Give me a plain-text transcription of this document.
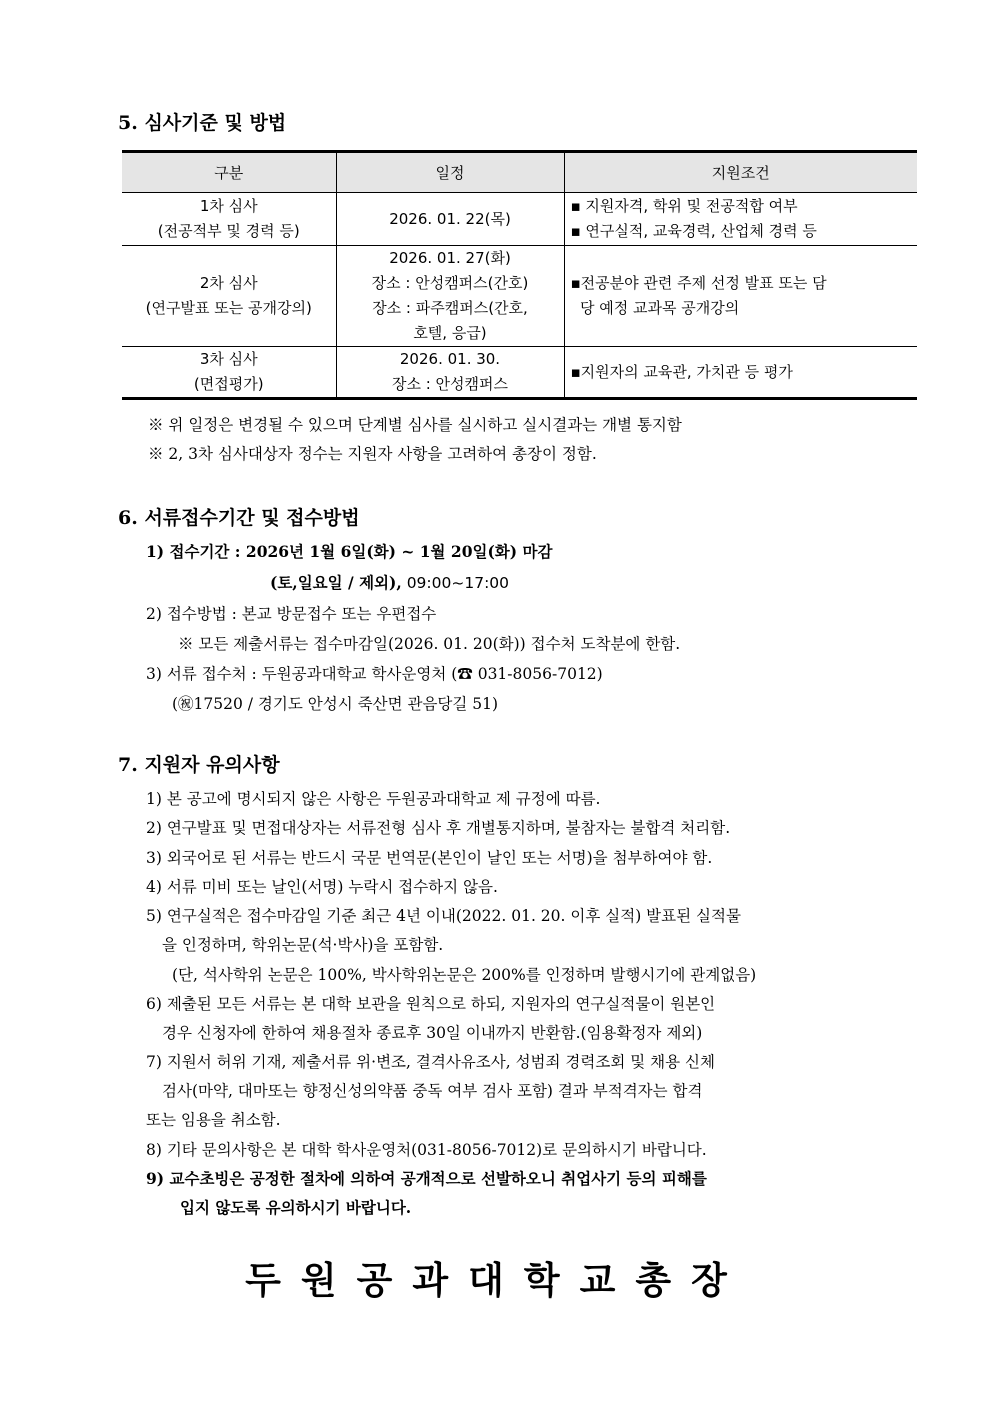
5. 심사기준 및 방법
구분	일정	지원조건

1차 심사
(전공적부 및 경력 등)	2026. 01. 22(목)	▪ 지원자격, 학위 및 전공적합 여부
▪ 연구실적, 교육경력, 산업체 경력 등

2차 심사
(연구발표 또는 공개강의)	2026. 01. 27(화)
장소 : 안성캠퍼스(간호)
장소 : 파주캠퍼스(간호,
호텔, 응급)	▪전공분야 관련 주제 선정 발표 또는 담
당 예정 교과목 공개강의

3차 심사
(면접평가)	2026. 01. 30.
장소 : 안성캠퍼스	▪지원자의 교육관, 가치관 등 평가
※ 위 일정은 변경될 수 있으며 단계별 심사를 실시하고 실시결과는 개별 통지함
※ 2, 3차 심사대상자 정수는 지원자 사항을 고려하여 총장이 정함.
6. 서류접수기간 및 접수방법
1) 접수기간 : 2026년 1월 6일(화) ~ 1월 20일(화) 마감
(토,일요일 / 제외), 09:00~17:00
2) 접수방법 : 본교 방문접수 또는 우편접수
※ 모든 제출서류는 접수마감일(2026. 01. 20(화)) 접수처 도착분에 한함.
3) 서류 접수처 : 두원공과대학교 학사운영처 (☎ 031-8056-7012)
(㊗17520 / 경기도 안성시 죽산면 관음당길 51)
7. 지원자 유의사항
1) 본 공고에 명시되지 않은 사항은 두원공과대학교 제 규정에 따름.
2) 연구발표 및 면접대상자는 서류전형 심사 후 개별통지하며, 불참자는 불합격 처리함.
3) 외국어로 된 서류는 반드시 국문 번역문(본인이 날인 또는 서명)을 첨부하여야 함.
4) 서류 미비 또는 날인(서명) 누락시 접수하지 않음.
5) 연구실적은 접수마감일 기준 최근 4년 이내(2022. 01. 20. 이후 실적) 발표된 실적물
을 인정하며, 학위논문(석·박사)을 포함함.
(단, 석사학위 논문은 100%, 박사학위논문은 200%를 인정하며 발행시기에 관계없음)
6) 제출된 모든 서류는 본 대학 보관을 원칙으로 하되, 지원자의 연구실적물이 원본인
경우 신청자에 한하여 채용절차 종료후 30일 이내까지 반환함.(임용확정자 제외)
7) 지원서 허위 기재, 제출서류 위·변조, 결격사유조사, 성범죄 경력조회 및 채용 신체
검사(마약, 대마또는 향정신성의약품 중독 여부 검사 포함) 결과 부적격자는 합격
또는 임용을 취소함.
8) 기타 문의사항은 본 대학 학사운영처(031-8056-7012)로 문의하시기 바랍니다.
9) 교수초빙은 공정한 절차에 의하여 공개적으로 선발하오니 취업사기 등의 피해를
입지 않도록 유의하시기 바랍니다.
두원공과대학교총장
